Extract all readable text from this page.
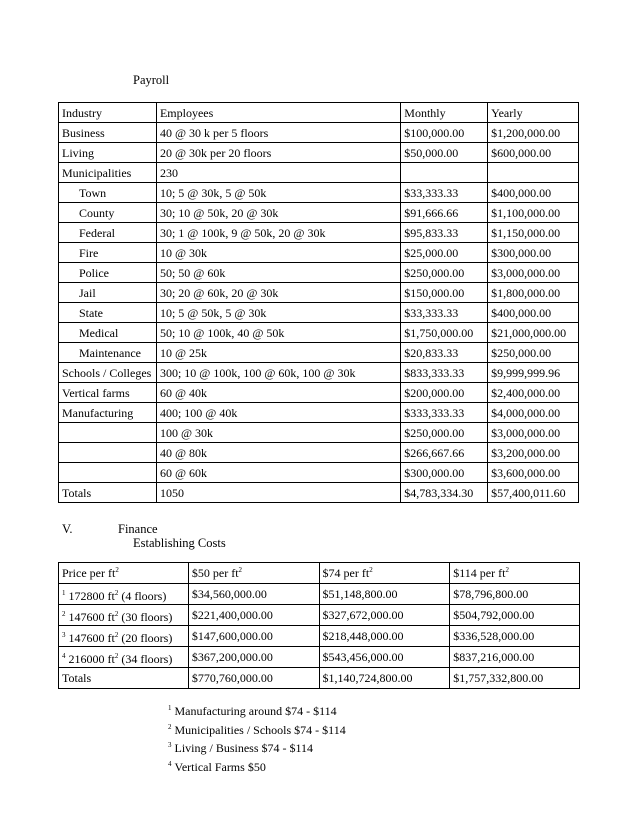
Payroll
Industry	Employees	Monthly	Yearly
Business	40 @ 30 k per 5 floors	$100,000.00	$1,200,000.00
Living	20 @ 30k per 20 floors	$50,000.00	$600,000.00
Municipalities	230		
Town	10; 5 @ 30k, 5 @ 50k	$33,333.33	$400,000.00
County	30; 10 @ 50k, 20 @ 30k	$91,666.66	$1,100,000.00
Federal	30; 1 @ 100k, 9 @ 50k, 20 @ 30k	$95,833.33	$1,150,000.00
Fire	10 @ 30k	$25,000.00	$300,000.00
Police	50; 50 @ 60k	$250,000.00	$3,000,000.00
Jail	30; 20 @ 60k, 20 @ 30k	$150,000.00	$1,800,000.00
State	10; 5 @ 50k, 5 @ 30k	$33,333.33	$400,000.00
Medical	50; 10 @ 100k, 40 @ 50k	$1,750,000.00	$21,000,000.00
Maintenance	10 @ 25k	$20,833.33	$250,000.00
Schools / Colleges	300; 10 @ 100k, 100 @ 60k, 100 @ 30k	$833,333.33	$9,999,999.96
Vertical farms	60 @ 40k	$200,000.00	$2,400,000.00
Manufacturing	400; 100 @ 40k	$333,333.33	$4,000,000.00
	100 @ 30k	$250,000.00	$3,000,000.00
	40 @ 80k	$266,667.66	$3,200,000.00
	60 @ 60k	$300,000.00	$3,600,000.00
Totals	1050	$4,783,334.30	$57,400,011.60
V.	Finance
Establishing Costs
Price per $ft^2$	$50 per $ft^2$	$74 per $ft^2$	$114 per $ft^2$
$^1$ 172800 $ft^2$ (4 floors)	$34,560,000.00	$51,148,800.00	$78,796,800.00
$^2$ 147600 $ft^2$ (30 floors)	$221,400,000.00	$327,672,000.00	$504,792,000.00
$^3$ 147600 $ft^2$ (20 floors)	$147,600,000.00	$218,448,000.00	$336,528,000.00
$^4$ 216000 $ft^2$ (34 floors)	$367,200,000.00	$543,456,000.00	$837,216,000.00
Totals	$770,760,000.00	$1,140,724,800.00	$1,757,332,800.00
$^1$ Manufacturing around $74 - $114
$^2$ Municipalities / Schools $74 - $114
$^3$ Living / Business $74 - $114
$^4$ Vertical Farms $50
